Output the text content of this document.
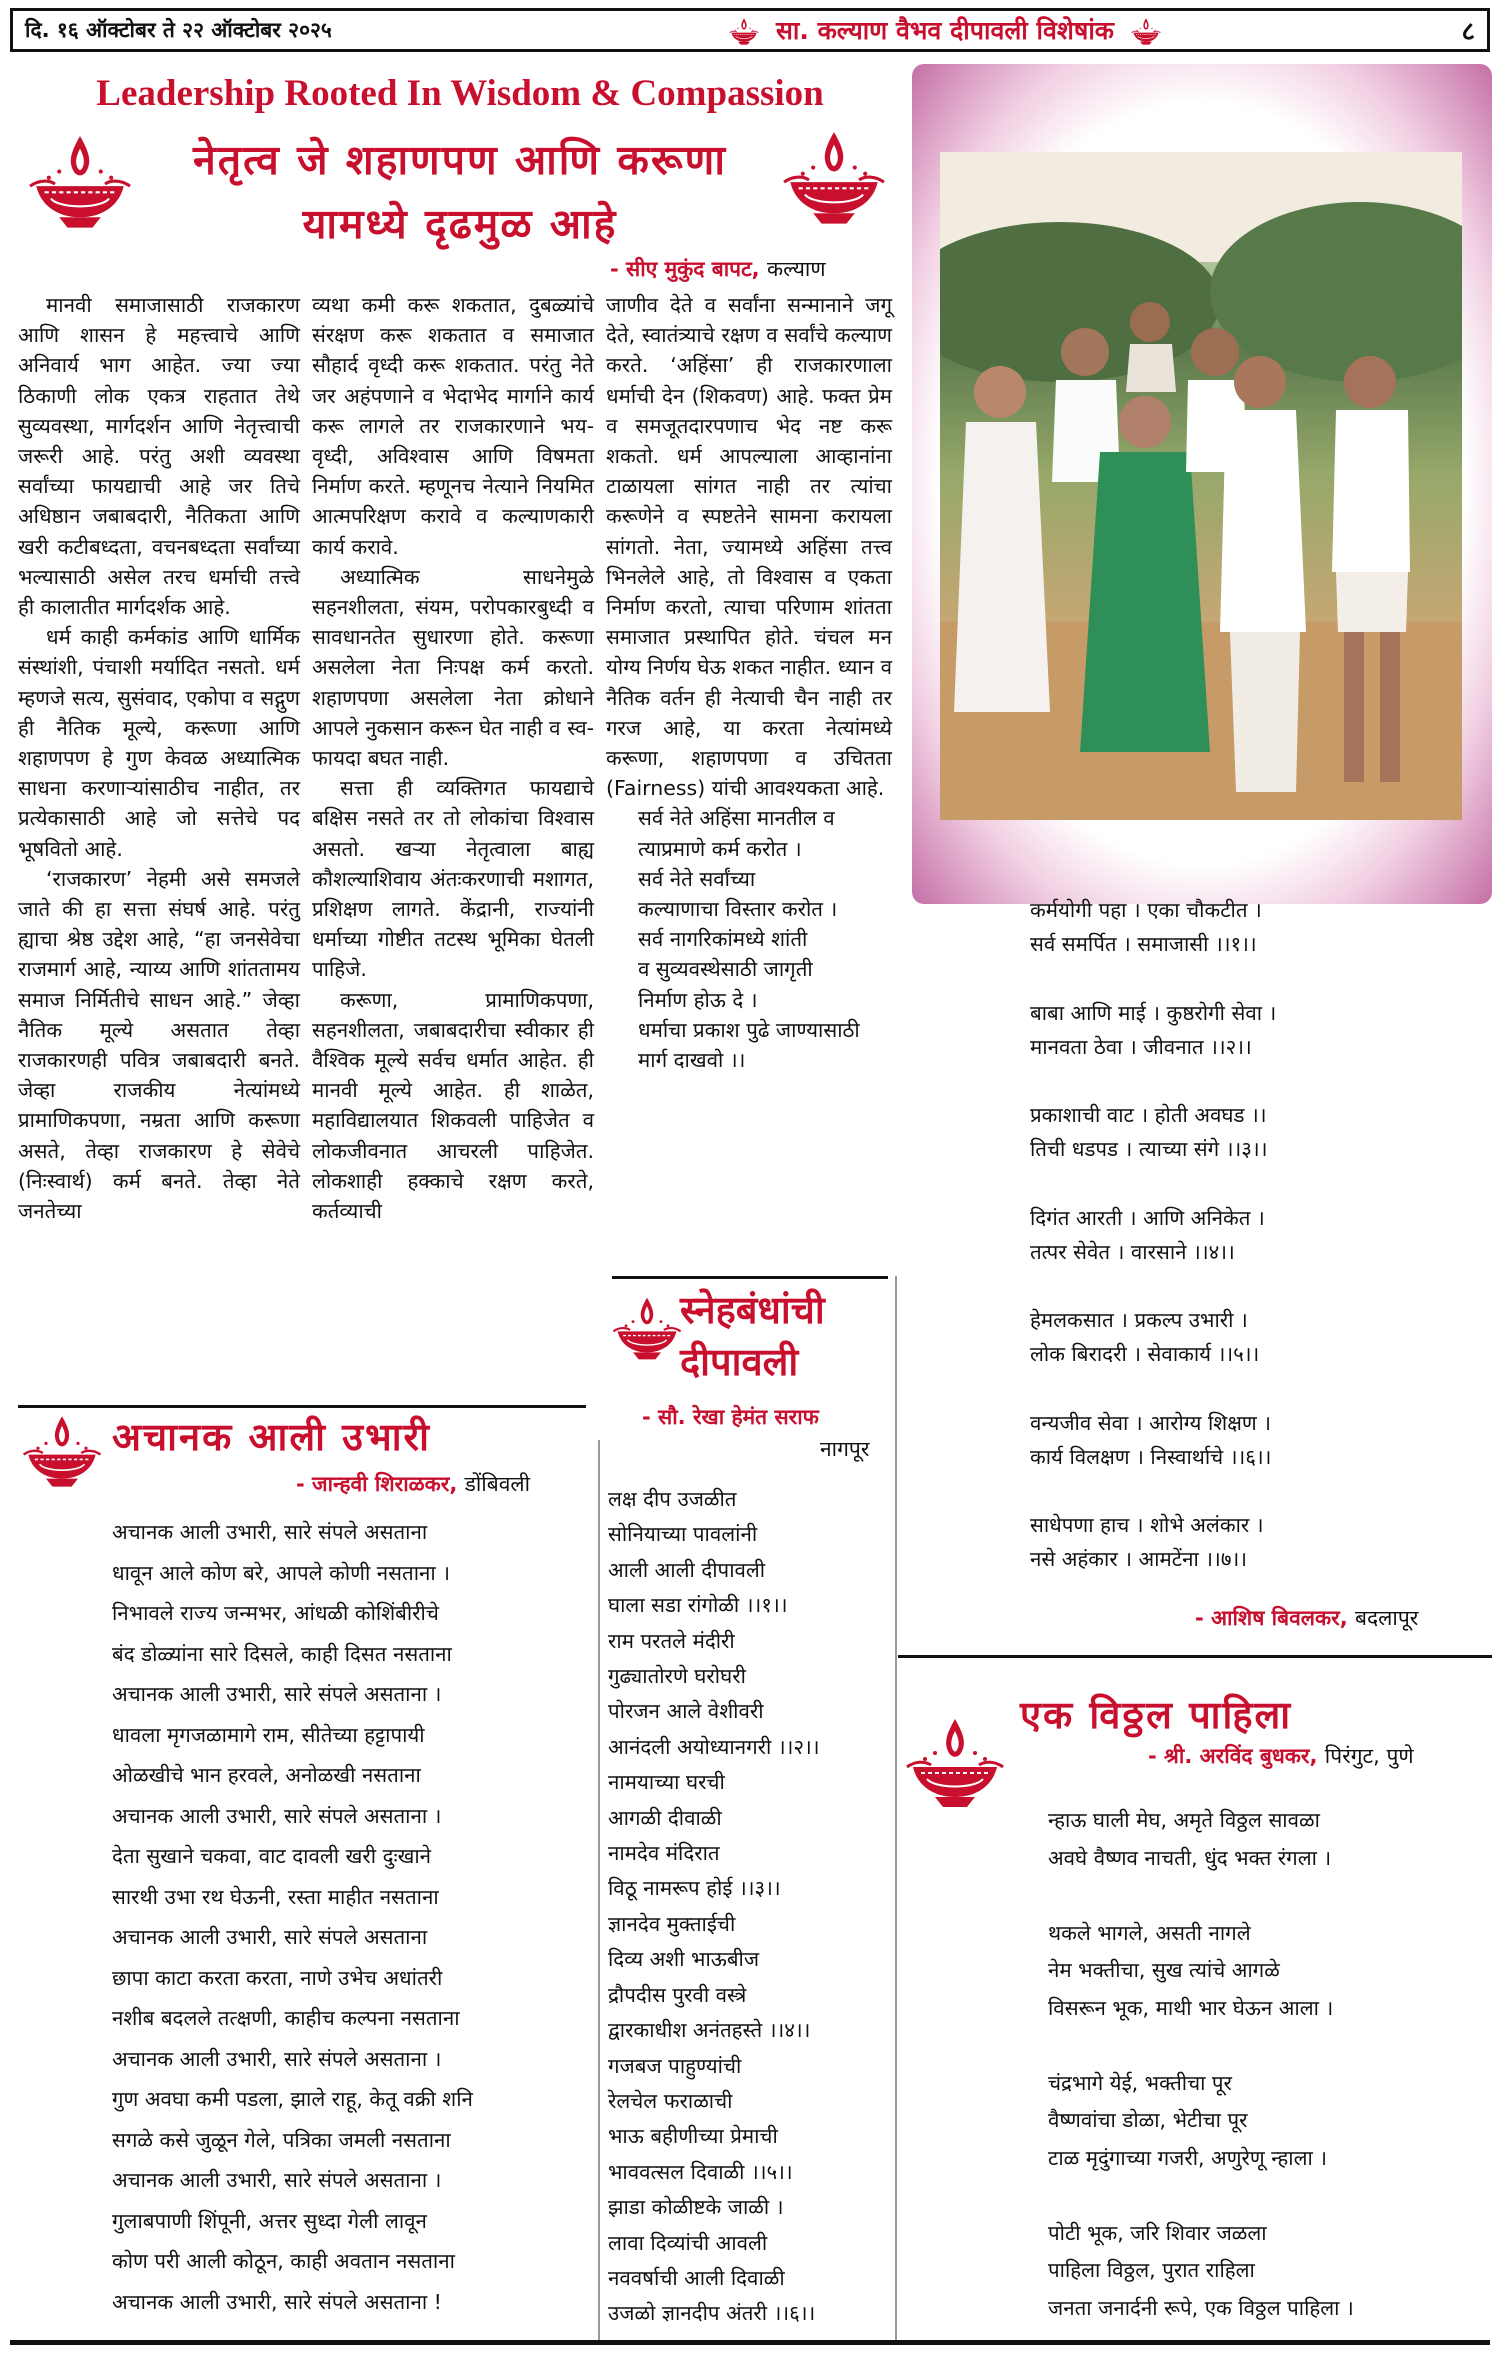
दि. १६ ऑक्टोबर ते २२ ऑक्टोबर २०२५	सा. कल्याण वैभव दीपावली विशेषांक	८
Leadership Rooted In Wisdom & Compassion
नेतृत्व जे शहाणपण आणि करूणा
यामध्ये दृढमुळ आहे
- सीए मुकुंद बापट, कल्याण

मानवी समाजासाठी राजकारण आणि शासन हे महत्त्वाचे आणि अनिवार्य भाग आहेत. ज्या ज्या ठिकाणी लोक एकत्र राहतात तेथे सुव्यवस्था, मार्गदर्शन आणि नेतृत्त्वाची जरूरी आहे. परंतु अशी व्यवस्था सर्वांच्या फायद्याची आहे जर तिचे अधिष्ठान जबाबदारी, नैतिकता आणि खरी कटीबध्दता, वचनबध्दता सर्वांच्या भल्यासाठी असेल तरच धर्माची तत्त्वे ही कालातीत मार्गदर्शक आहे.

धर्म काही कर्मकांड आणि धार्मिक संस्थांशी, पंचाशी मर्यादित नसतो. धर्म म्हणजे सत्य, सुसंवाद, एकोपा व सद्गुण ही नैतिक मूल्ये, करूणा आणि शहाणपण हे गुण केवळ अध्यात्मिक साधना करणाऱ्यांसाठीच नाहीत, तर प्रत्येकासाठी आहे जो सत्तेचे पद भूषवितो आहे.

‘राजकारण’ नेहमी असे समजले जाते की हा सत्ता संघर्ष आहे. परंतु ह्याचा श्रेष्ठ उद्देश आहे, “हा जनसेवेचा राजमार्ग आहे, न्याय्य आणि शांततामय समाज निर्मितीचे साधन आहे.” जेव्हा नैतिक मूल्ये असतात तेव्हा राजकारणही पवित्र जबाबदारी बनते. जेव्हा राजकीय नेत्यांमध्ये प्रामाणिकपणा, नम्रता आणि करूणा असते, तेव्हा राजकारण हे सेवेचे (निःस्वार्थ) कर्म बनते. तेव्हा नेते जनतेच्या

व्यथा कमी करू शकतात, दुबळ्यांचे संरक्षण करू शकतात व समाजात सौहार्द वृध्दी करू शकतात. परंतु नेते जर अहंपणाने व भेदाभेद मार्गाने कार्य करू लागले तर राजकारणाने भय-वृध्दी, अविश्वास आणि विषमता निर्माण करते. म्हणूनच नेत्याने नियमित आत्मपरिक्षण करावे व कल्याणकारी कार्य करावे.

अध्यात्मिक साधनेमुळे सहनशीलता, संयम, परोपकारबुध्दी व सावधानतेत सुधारणा होते. करूणा असलेला नेता निःपक्ष कर्म करतो. शहाणपणा असलेला नेता क्रोधाने आपले नुकसान करून घेत नाही व स्व-फायदा बघत नाही.

सत्ता ही व्यक्तिगत फायद्याचे बक्षिस नसते तर तो लोकांचा विश्वास असतो. खऱ्या नेतृत्वाला बाह्य कौशल्याशिवाय अंतःकरणाची मशागत, प्रशिक्षण लागते. केंद्रानी, राज्यांनी धर्माच्या गोष्टीत तटस्थ भूमिका घेतली पाहिजे.

करूणा, प्रामाणिकपणा, सहनशीलता, जबाबदारीचा स्वीकार ही वैश्विक मूल्ये सर्वच धर्मात आहेत. ही मानवी मूल्ये आहेत. ही शाळेत, महाविद्यालयात शिकवली पाहिजेत व लोकजीवनात आचरली पाहिजेत. लोकशाही हक्काचे रक्षण करते, कर्तव्याची

जाणीव देते व सर्वांना सन्मानाने जगू देते, स्वातंत्र्याचे रक्षण व सर्वांचे कल्याण करते. ‘अहिंसा’ ही राजकारणाला धर्माची देन (शिकवण) आहे. फक्त प्रेम व समजूतदारपणाच भेद नष्ट करू शकतो. धर्म आपल्याला आव्हानांना टाळायला सांगत नाही तर त्यांचा करूणेने व स्पष्टतेने सामना करायला सांगतो. नेता, ज्यामध्ये अहिंसा तत्त्व भिनलेले आहे, तो विश्वास व एकता निर्माण करतो, त्याचा परिणाम शांतता समाजात प्रस्थापित होते. चंचल मन योग्य निर्णय घेऊ शकत नाहीत. ध्यान व नैतिक वर्तन ही नेत्याची चैन नाही तर गरज आहे, या करता नेत्यांमध्ये करूणा, शहाणपणा व उचितता (Fairness) यांची आवश्यकता आहे.

सर्व नेते अहिंसा मानतील व
त्याप्रमाणे कर्म करोत ।
सर्व नेते सर्वांच्या
कल्याणाचा विस्तार करोत ।
सर्व नागरिकांमध्ये शांती
व सुव्यवस्थेसाठी जागृती
निर्माण होऊ दे ।
धर्माचा प्रकाश पुढे जाण्यासाठी
मार्ग दाखवो ।।
कर्मयोगी पहा । एका चौकटीत ।
सर्व समर्पित । समाजासी ।।१।।
बाबा आणि माई । कुष्ठरोगी सेवा ।
मानवता ठेवा । जीवनात ।।२।।
प्रकाशाची वाट । होती अवघड ।।
तिची धडपड । त्याच्या संगे ।।३।।
दिगंत आरती । आणि अनिकेत ।
तत्पर सेवेत । वारसाने ।।४।।
हेमलकसात । प्रकल्प उभारी ।
लोक बिरादरी । सेवाकार्य ।।५।।
वन्यजीव सेवा । आरोग्य शिक्षण ।
कार्य विलक्षण । निस्वार्थाचे ।।६।।
साधेपणा हाच । शोभे अलंकार ।
नसे अहंकार । आमटेंना ।।७।।
- आशिष बिवलकर, बदलापूर
अचानक आली उभारी
- जान्हवी शिराळकर, डोंबिवली
अचानक आली उभारी, सारे संपले असताना
धावून आले कोण बरे, आपले कोणी नसताना ।
निभावले राज्य जन्मभर, आंधळी कोशिंबीरीचे
बंद डोळ्यांना सारे दिसले, काही दिसत नसताना
अचानक आली उभारी, सारे संपले असताना ।
धावला मृगजळामागे राम, सीतेच्या हट्टापायी
ओळखीचे भान हरवले, अनोळखी नसताना
अचानक आली उभारी, सारे संपले असताना ।
देता सुखाने चकवा, वाट दावली खरी दुःखाने
सारथी उभा रथ घेऊनी, रस्ता माहीत नसताना
अचानक आली उभारी, सारे संपले असताना
छापा काटा करता करता, नाणे उभेच अधांतरी
नशीब बदलले तत्क्षणी, काहीच कल्पना नसताना
अचानक आली उभारी, सारे संपले असताना ।
गुण अवघा कमी पडला, झाले राहू, केतू वक्री शनि
सगळे कसे जुळून गेले, पत्रिका जमली नसताना
अचानक आली उभारी, सारे संपले असताना ।
गुलाबपाणी शिंपूनी, अत्तर सुध्दा गेली लावून
कोण परी आली कोठून, काही अवतान नसताना
अचानक आली उभारी, सारे संपले असताना !
स्नेहबंधांची
दीपावली
- सौ. रेखा हेमंत सराफ
नागपूर
लक्ष दीप उजळीत
सोनियाच्या पावलांनी
आली आली दीपावली
घाला सडा रांगोळी ।।१।।
राम परतले मंदीरी
गुढ्यातोरणे घरोघरी
पोरजन आले वेशीवरी
आनंदली अयोध्यानगरी ।।२।।
नामयाच्या घरची
आगळी दीवाळी
नामदेव मंदिरात
विठू नामरूप होई ।।३।।
ज्ञानदेव मुक्ताईची
दिव्य अशी भाऊबीज
द्रौपदीस पुरवी वस्त्रे
द्वारकाधीश अनंतहस्ते ।।४।।
गजबज पाहुण्यांची
रेलचेल फराळाची
भाऊ बहीणीच्या प्रेमाची
भाववत्सल दिवाळी ।।५।।
झाडा कोळीष्टके जाळी ।
लावा दिव्यांची आवली
नववर्षाची आली दिवाळी
उजळो ज्ञानदीप अंतरी ।।६।।
एक विठ्ठल पाहिला
- श्री. अरविंद बुधकर, पिरंगुट, पुणे
न्हाऊ घाली मेघ, अमृते विठ्ठल सावळा
अवघे वैष्णव नाचती, धुंद भक्त रंगला ।
थकले भागले, असती नागले
नेम भक्तीचा, सुख त्यांचे आगळे
विसरून भूक, माथी भार घेऊन आला ।
चंद्रभागे येई, भक्तीचा पूर
वैष्णवांचा डोळा, भेटीचा पूर
टाळ मृदुंगाच्या गजरी, अणुरेणू न्हाला ।
पोटी भूक, जरि शिवार जळला
पाहिला विठ्ठल, पुरात राहिला
जनता जनार्दनी रूपे, एक विठ्ठल पाहिला ।
